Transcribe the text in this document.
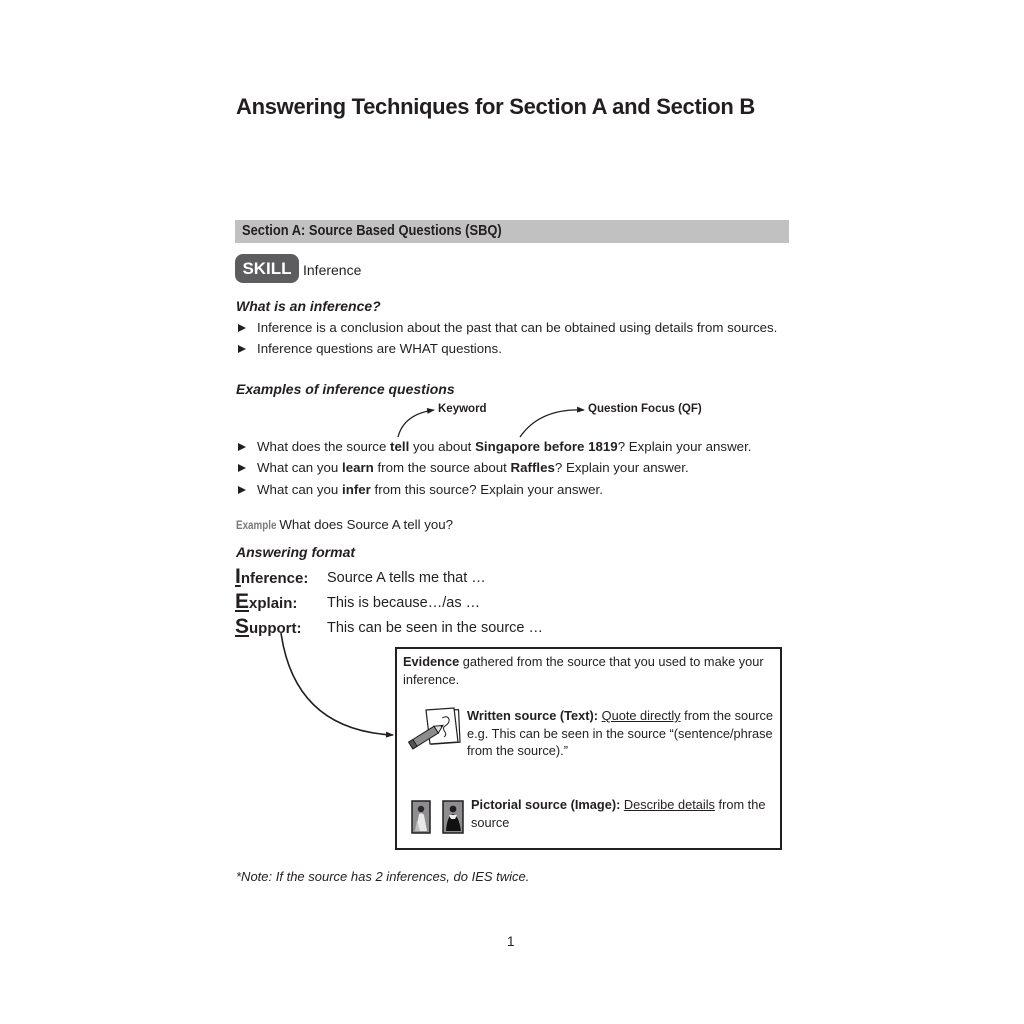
Answering Techniques for Section A and Section B
Section A: Source Based Questions (SBQ)
SKILL Inference
What is an inference?
Inference is a conclusion about the past that can be obtained using details from sources.
Inference questions are WHAT questions.
Examples of inference questions
Keyword	Question Focus (QF)
What does the source tell you about Singapore before 1819? Explain your answer.
What can you learn from the source about Raffles? Explain your answer.
What can you infer from this source? Explain your answer.
Example What does Source A tell you?
Answering format
Inference: Source A tells me that …
Explain: This is because…/as …
Support: This can be seen in the source …
Evidence gathered from the source that you used to make your inference.
Written source (Text): Quote directly from the source
e.g. This can be seen in the source “(sentence/phrase from the source).”
Pictorial source (Image): Describe details from the source
*Note: If the source has 2 inferences, do IES twice.
1
